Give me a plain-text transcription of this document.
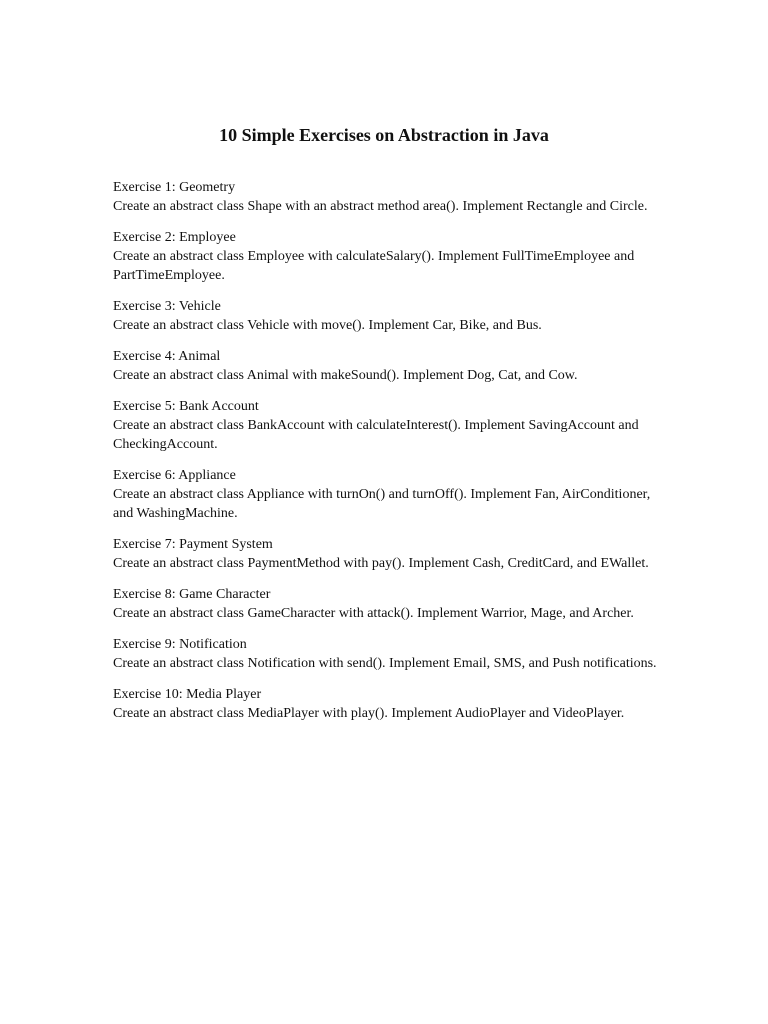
10 Simple Exercises on Abstraction in Java
Exercise 1: Geometry
Create an abstract class Shape with an abstract method area(). Implement Rectangle and Circle.
Exercise 2: Employee
Create an abstract class Employee with calculateSalary(). Implement FullTimeEmployee and PartTimeEmployee.
Exercise 3: Vehicle
Create an abstract class Vehicle with move(). Implement Car, Bike, and Bus.
Exercise 4: Animal
Create an abstract class Animal with makeSound(). Implement Dog, Cat, and Cow.
Exercise 5: Bank Account
Create an abstract class BankAccount with calculateInterest(). Implement SavingAccount and CheckingAccount.
Exercise 6: Appliance
Create an abstract class Appliance with turnOn() and turnOff(). Implement Fan, AirConditioner, and WashingMachine.
Exercise 7: Payment System
Create an abstract class PaymentMethod with pay(). Implement Cash, CreditCard, and EWallet.
Exercise 8: Game Character
Create an abstract class GameCharacter with attack(). Implement Warrior, Mage, and Archer.
Exercise 9: Notification
Create an abstract class Notification with send(). Implement Email, SMS, and Push notifications.
Exercise 10: Media Player
Create an abstract class MediaPlayer with play(). Implement AudioPlayer and VideoPlayer.
